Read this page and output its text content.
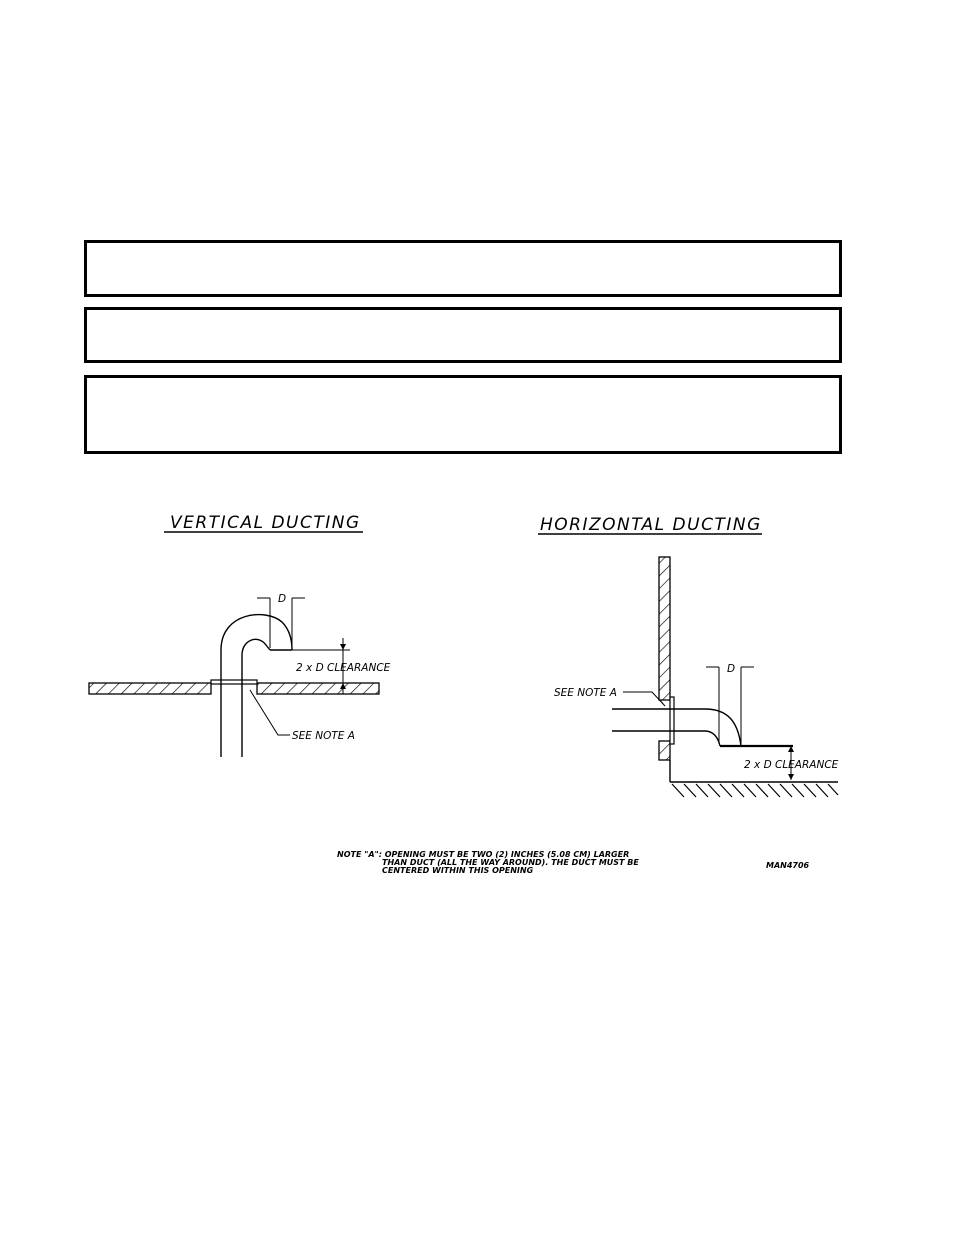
VERTICAL DUCTING
D
2 x D CLEARANCE
SEE NOTE A
HORIZONTAL DUCTING
D
2 x D CLEARANCE
SEE NOTE A
NOTE "A": OPENING MUST BE TWO (2) INCHES (5.08 CM) LARGER
THAN DUCT (ALL THE WAY AROUND). THE DUCT MUST BE
CENTERED WITHIN THIS OPENING
MAN4706
